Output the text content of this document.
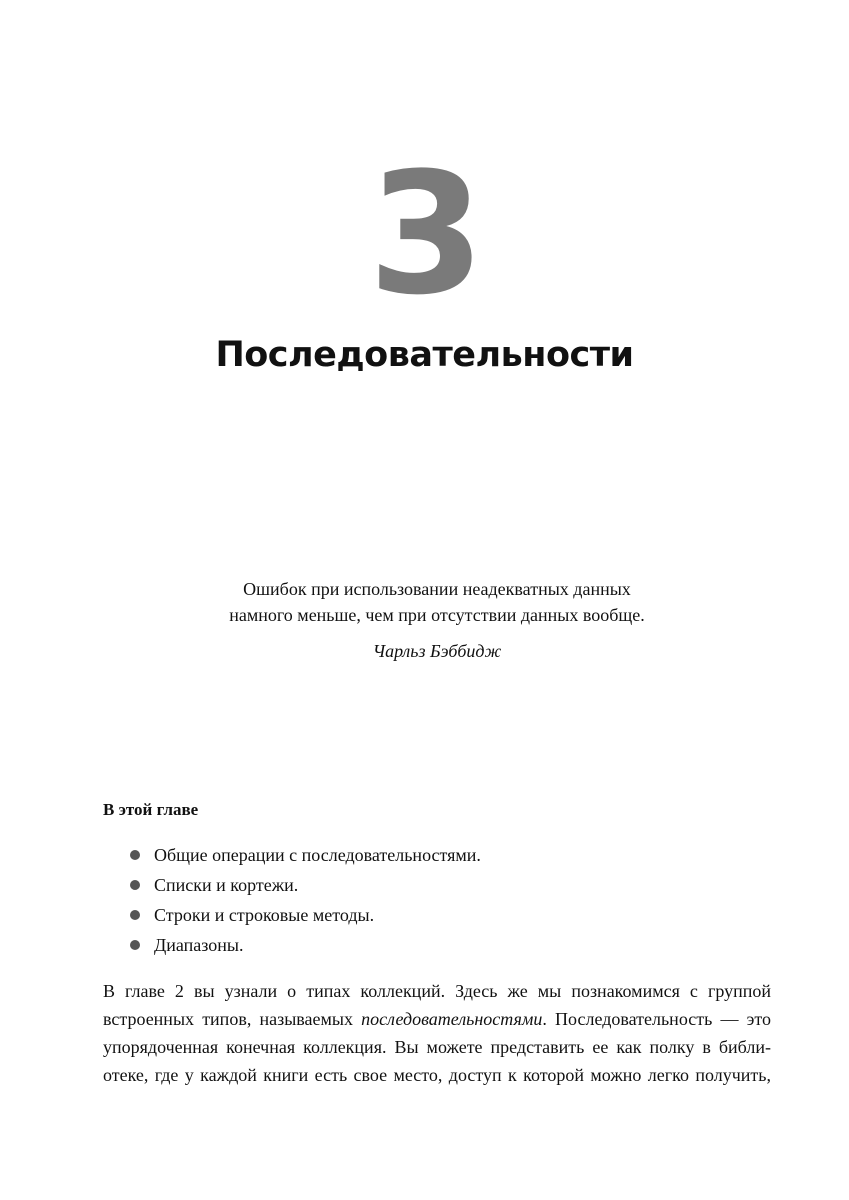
3
Последовательности

Ошибок при использовании неадекватных данных

намного меньше, чем при отсутствии данных вообще.

Чарльз Бэббидж

В этой главе
Общие операции с последовательностями.
Списки и кортежи.
Строки и строковые методы.
Диапазоны.
В главе 2 вы узнали о типах коллекций. Здесь же мы познакомимся с группой
встроенных типов, называемых последовательностями. Последовательность — это
упорядоченная конечная коллекция. Вы можете представить ее как полку в библи-
отеке, где у каждой книги есть свое место, доступ к которой можно легко получить,
